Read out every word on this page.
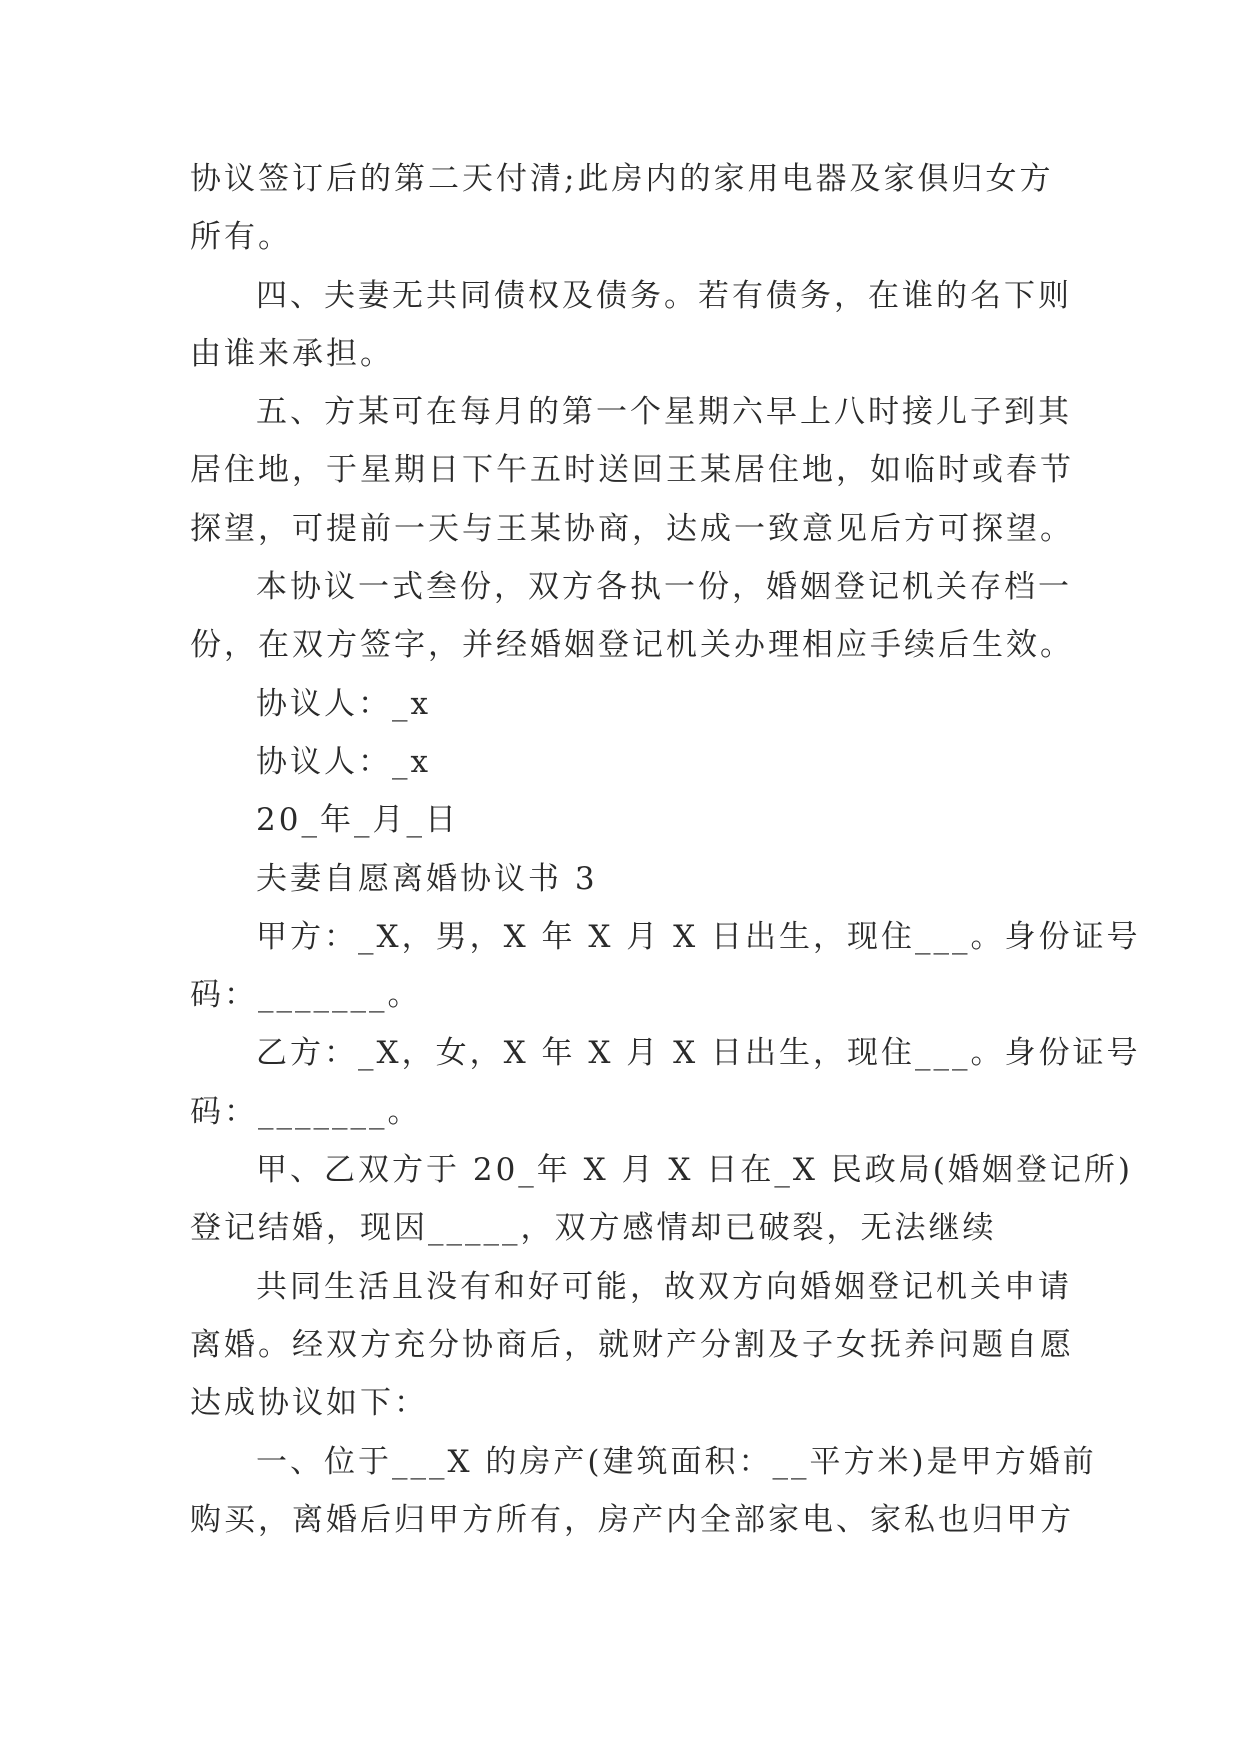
协议签订后的第二天付清;此房内的家用电器及家俱归女方
所有。
四、夫妻无共同债权及债务。若有债务，在谁的名下则
由谁来承担。
五、方某可在每月的第一个星期六早上八时接儿子到其
居住地，于星期日下午五时送回王某居住地，如临时或春节
探望，可提前一天与王某协商，达成一致意见后方可探望。
本协议一式叁份，双方各执一份，婚姻登记机关存档一
份，在双方签字，并经婚姻登记机关办理相应手续后生效。
协议人：_x
协议人：_x
20_年_月_日
夫妻自愿离婚协议书 3
甲方：_X，男，X 年 X 月 X 日出生，现住___。身份证号
码：_______。
乙方：_X，女，X 年 X 月 X 日出生，现住___。身份证号
码：_______。
甲、乙双方于 20_年 X 月 X 日在_X 民政局(婚姻登记所)
登记结婚，现因_____，双方感情却已破裂，无法继续
共同生活且没有和好可能，故双方向婚姻登记机关申请
离婚。经双方充分协商后，就财产分割及子女抚养问题自愿
达成协议如下：
一、位于___X 的房产(建筑面积：__平方米)是甲方婚前
购买，离婚后归甲方所有，房产内全部家电、家私也归甲方
